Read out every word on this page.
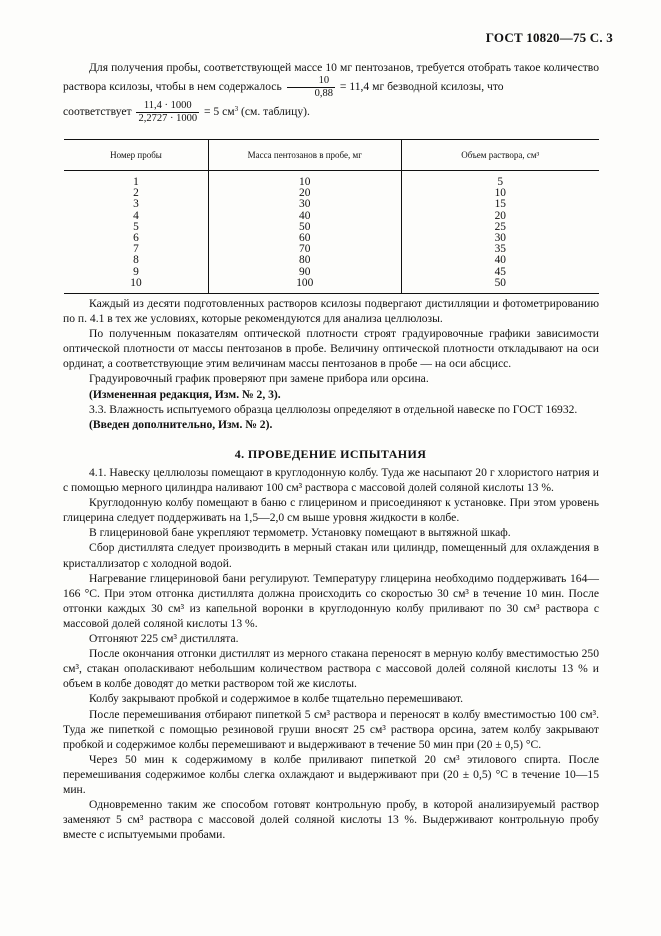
ГОСТ 10820—75 С. 3

Для получения пробы, соответствующей массе 10 мг пентозанов, требуется отобрать такое количество раствора ксилозы, чтобы в нем содержалось $\frac{10}{0,88} = 11,4$ мг безводной ксилозы, что

соответствует $\frac{11,4 \cdot 1000}{2,2727 \cdot 1000} = 5$ $см^3$ (см. таблицу).

Номер пробы	Масса пентозанов в пробе, мг	Объем раствора, см³
1	10	5
2	20	10
3	30	15
4	40	20
5	50	25
6	60	30
7	70	35
8	80	40
9	90	45
10	100	50

Каждый из десяти подготовленных растворов ксилозы подвергают дистилляции и фотометрированию по п. 4.1 в тех же условиях, которые рекомендуются для анализа целлюлозы.

По полученным показателям оптической плотности строят градуировочные графики зависимости оптической плотности от массы пентозанов в пробе. Величину оптической плотности откладывают на оси ординат, а соответствующие этим величинам массы пентозанов в пробе — на оси абсцисс.

Градуировочный график проверяют при замене прибора или орсина.

(Измененная редакция, Изм. № 2, 3).

3.3. Влажность испытуемого образца целлюлозы определяют в отдельной навеске по ГОСТ 16932.

(Введен дополнительно, Изм. № 2).

4. ПРОВЕДЕНИЕ ИСПЫТАНИЯ

4.1. Навеску целлюлозы помещают в круглодонную колбу. Туда же насыпают 20 г хлористого натрия и с помощью мерного цилиндра наливают 100 см³ раствора с массовой долей соляной кислоты 13 %.

Круглодонную колбу помещают в баню с глицерином и присоединяют к установке. При этом уровень глицерина следует поддерживать на 1,5—2,0 см выше уровня жидкости в колбе.

В глицериновой бане укрепляют термометр. Установку помещают в вытяжной шкаф.

Сбор дистиллята следует производить в мерный стакан или цилиндр, помещенный для охлаждения в кристаллизатор с холодной водой.

Нагревание глицериновой бани регулируют. Температуру глицерина необходимо поддерживать 164—166 °С. При этом отгонка дистиллята должна происходить со скоростью 30 см³ в течение 10 мин. После отгонки каждых 30 см³ из капельной воронки в круглодонную колбу приливают по 30 см³ раствора с массовой долей соляной кислоты 13 %.

Отгоняют 225 см³ дистиллята.

После окончания отгонки дистиллят из мерного стакана переносят в мерную колбу вместимостью 250 см³, стакан ополаскивают небольшим количеством раствора с массовой долей соляной кислоты 13 % и объем в колбе доводят до метки раствором той же кислоты.

Колбу закрывают пробкой и содержимое в колбе тщательно перемешивают.

После перемешивания отбирают пипеткой 5 см³ раствора и переносят в колбу вместимостью 100 см³. Туда же пипеткой с помощью резиновой груши вносят 25 см³ раствора орсина, затем колбу закрывают пробкой и содержимое колбы перемешивают и выдерживают в течение 50 мин при (20 ± 0,5) °С.

Через 50 мин к содержимому в колбе приливают пипеткой 20 см³ этилового спирта. После перемешивания содержимое колбы слегка охлаждают и выдерживают при (20 ± 0,5) °С в течение 10—15 мин.

Одновременно таким же способом готовят контрольную пробу, в которой анализируемый раствор заменяют 5 см³ раствора с массовой долей соляной кислоты 13 %. Выдерживают контрольную пробу вместе с испытуемыми пробами.
